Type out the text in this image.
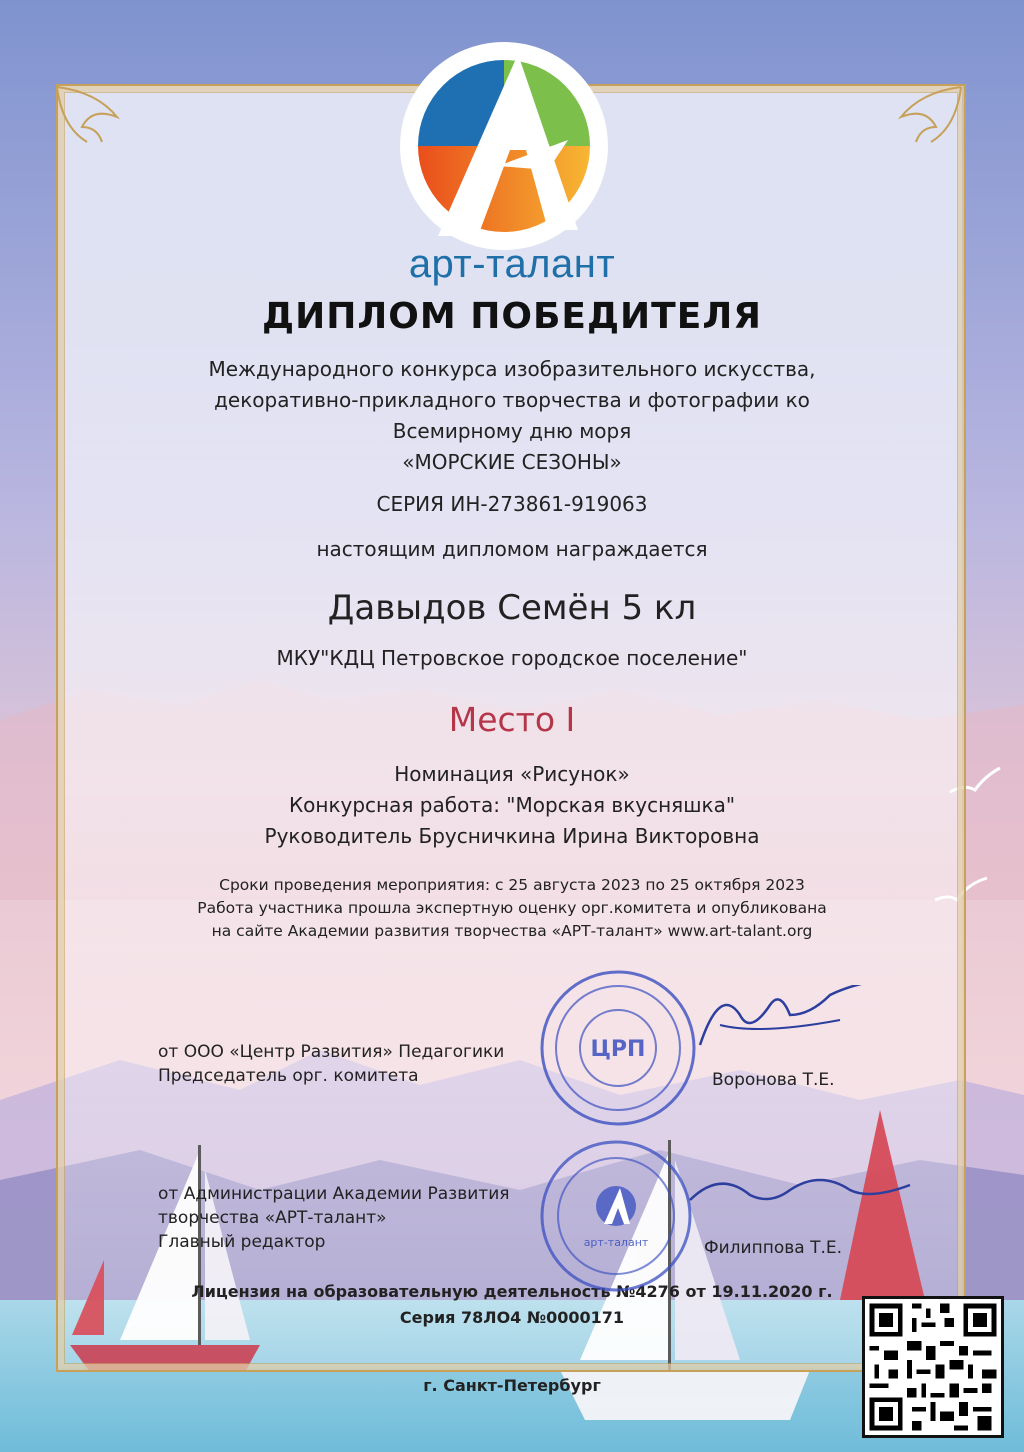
арт-талант
ДИПЛОМ ПОБЕДИТЕЛЯ
Международного конкурса изобразительного искусства,
декоративно-прикладного творчества и фотографии ко
Всемирному дню моря
«МОРСКИЕ СЕЗОНЫ»
СЕРИЯ ИН-273861-919063
настоящим дипломом награждается
Давыдов Семён 5 кл
МКУ"КДЦ Петровское городское поселение"
Место I
Номинация «Рисунок»
Конкурсная работа: "Морская вкусняшка"
Руководитель Брусничкина Ирина Викторовна
Сроки проведения мероприятия: с 25 августа 2023 по 25 октября 2023
Работа участника прошла экспертную оценку орг.комитета и опубликована
на сайте Академии развития творчества «АРТ-талант» www.art-talant.org
от ООО «Центр Развития» Педагогики
Председатель орг. комитета	Воронова Т.Е.
ЦРП
от Администрации Академии Развития
творчества «АРТ-талант»
Главный редактор	Филиппова Т.Е.
арт-талант
Лицензия на образовательную деятельность №4276 от 19.11.2020 г.
Серия 78ЛО4 №0000171
г. Санкт-Петербург
